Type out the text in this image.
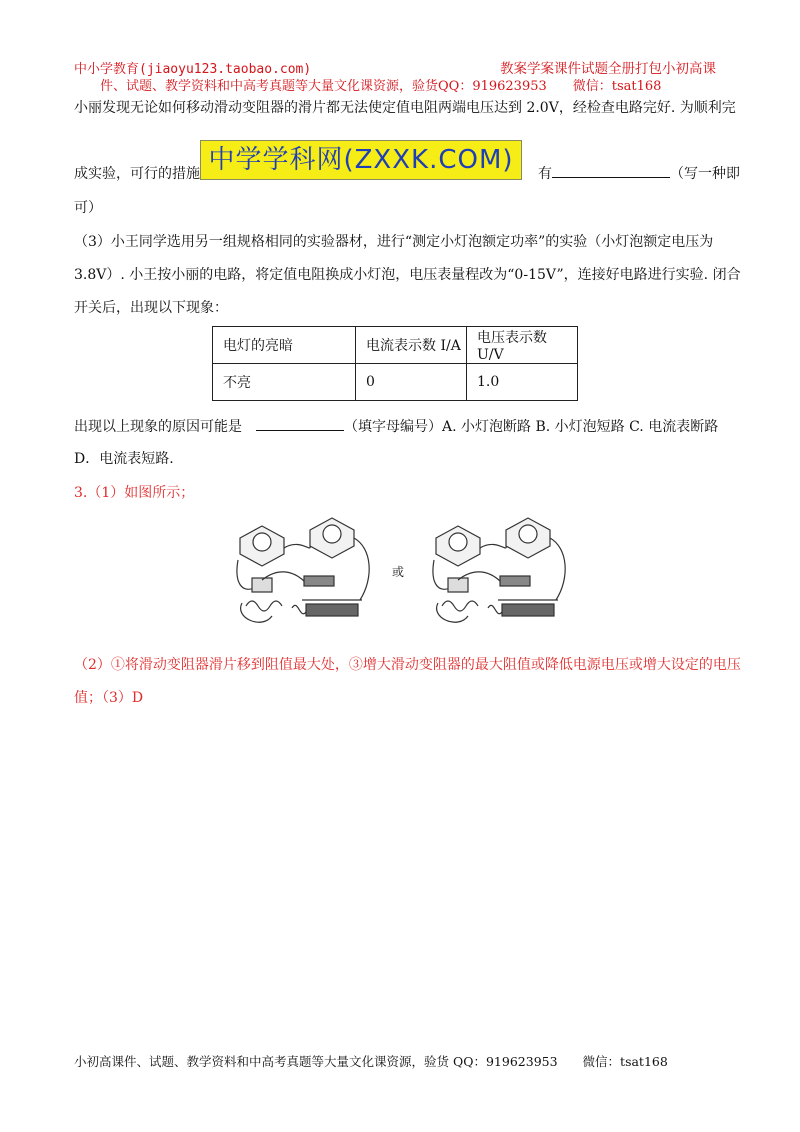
中小学教育(jiaoyu123.taobao.com)	教案学案课件试题全册打包小初高课
件、试题、教学资料和中高考真题等大量文化课资源，验货QQ：919623953　　微信：tsat168
小丽发现无论如何移动滑动变阻器的滑片都无法使定值电阻两端电压达到 2.0V，经检查电路完好. 为顺利完
成实验，可行的措施	有	（写一种即
中学学科网(ZXXK.COM)
可）
（3）小王同学选用另一组规格相同的实验器材，进行“测定小灯泡额定功率”的实验（小灯泡额定电压为
3.8V）. 小王按小丽的电路，将定值电阻换成小灯泡，电压表量程改为“0-15V”，连接好电路进行实验. 闭合
开关后，出现以下现象：
电灯的亮暗	电流表示数 I/A	电压表示数 U/V
不亮	0	1.0
出现以上现象的原因可能是	（填字母编号）A. 小灯泡断路 B. 小灯泡短路 C. 电流表断路
D．电流表短路.
3.（1）如图所示；
或
（2）①将滑动变阻器滑片移到阻值最大处，③增大滑动变阻器的最大阻值或降低电源电压或增大设定的电压
值；（3）D
小初高课件、试题、教学资料和中高考真题等大量文化课资源，验货 QQ：919623953　　微信：tsat168
